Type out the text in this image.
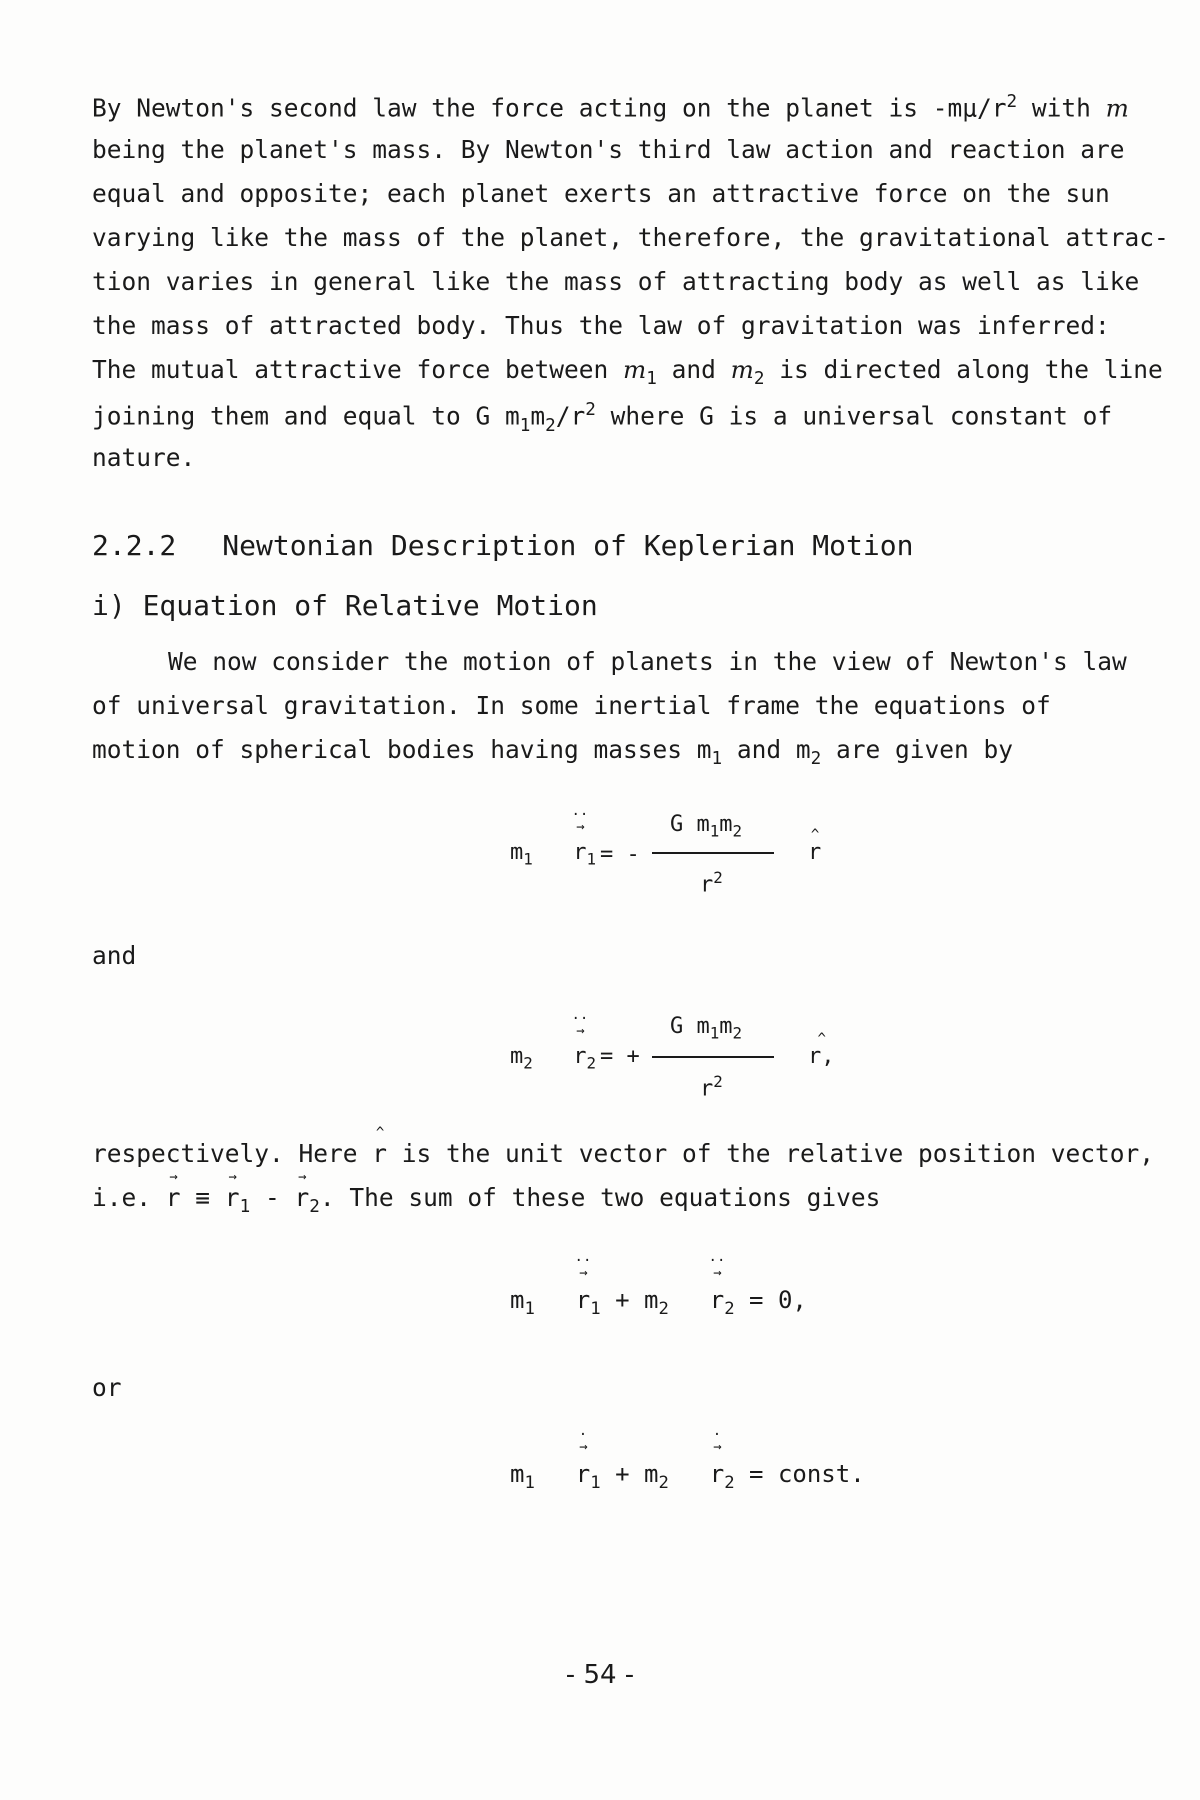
By Newton's second law the force acting on the planet is $-m\mu/r^2$ with m
being the planet's mass. By Newton's third law action and reaction are
equal and opposite; each planet exerts an attractive force on the sun
varying like the mass of the planet, therefore, the gravitational attrac-
tion varies in general like the mass of attracting body as well as like
the mass of attracted body. Thus the law of gravitation was inferred:
The mutual attractive force between $m_1$ and $m_2$ is directed along the line
joining them and equal to G $m_1m_2/r^2$ where G is a universal constant of
nature.
2.2.2 Newtonian Description of Keplerian Motion
i) Equation of Relative Motion
We now consider the motion of planets in the view of Newton's law
of universal gravitation. In some inertial frame the equations of
motion of spherical bodies having masses $m_1$ and $m_2$ are given by
$m_1$
··
→
$r_1$ = -
G $m_1m_2$
$r^2$
^
r
and
$m_2$
··
→
$r_2$ = +
G $m_1m_2$
$r^2$
^
r,
respectively. Here
^
r is the unit vector of the relative position vector,
i.e.
→
r ≡
→
$r_1$ -
→
$r_2$. The sum of these two equations gives
$m_1$
··
→
$r_1 + m_2$
··
→
$r_2 = 0$,
or
$m_1$
·
→
$r_1 + m_2$
·
→
$r_2$ = const.
- 54 -
